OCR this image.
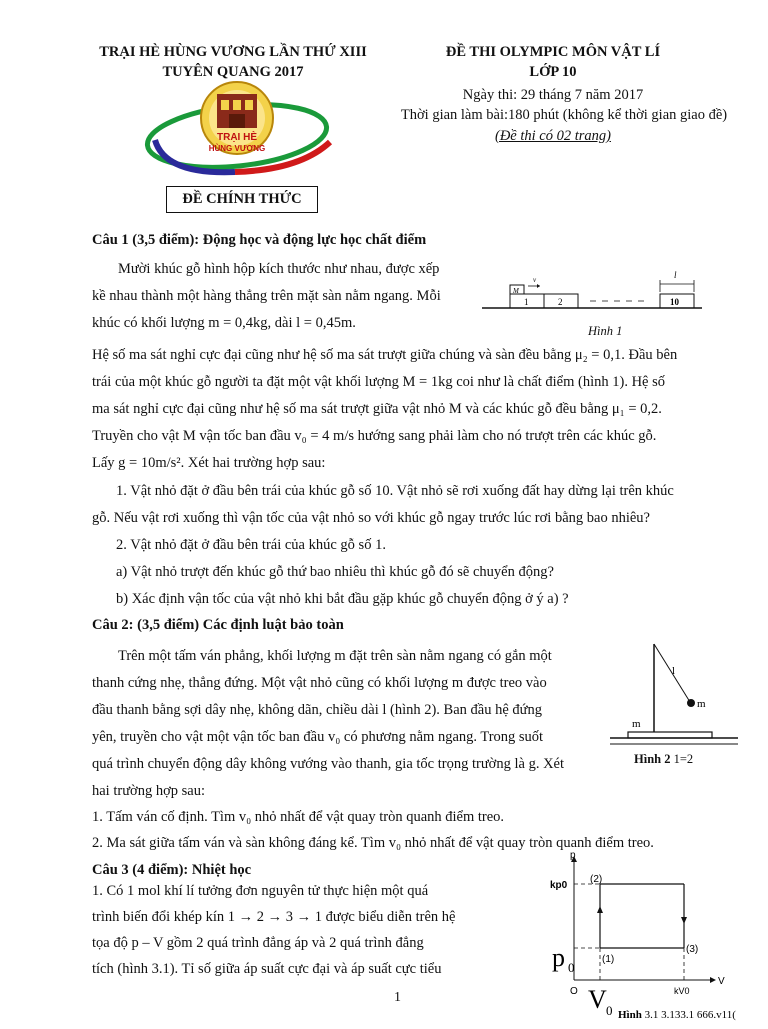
TRẠI HÈ HÙNG VƯƠNG LẦN THỨ XIII
TUYÊN QUANG 2017
TRẠI HÈ
HÙNG VƯƠNG
ĐỀ CHÍNH THỨC
ĐỀ THI OLYMPIC MÔN VẬT LÍ
LỚP 10
Ngày thi: 29 tháng 7 năm 2017
Thời gian làm bài:180 phút (không kể thời gian giao đề)
(Đề thi có 02 trang)
Câu 1 (3,5 điểm): Động học và động lực học chất điểm
Mười khúc gỗ hình hộp kích thước như nhau, được xếp
kề nhau thành một hàng thẳng trên mặt sàn nằm ngang. Mỗi
khúc có khối lượng m = 0,4kg, dài l = 0,45m.
M
v	l
1	2	10
Hình 1
Hệ số ma sát nghỉ cực đại cũng như hệ số ma sát trượt giữa chúng và sàn đều bằng μ₂ = 0,1. Đầu bên
trái của một khúc gỗ người ta đặt một vật khối lượng M = 1kg coi như là chất điểm (hình 1). Hệ số
ma sát nghỉ cực đại cũng như hệ số ma sát trượt giữa vật nhỏ M và các khúc gỗ đều bằng μ₁ = 0,2.
Truyền cho vật M vận tốc ban đầu v₀ = 4 m/s hướng sang phải làm cho nó trượt trên các khúc gỗ.
Lấy g = 10m/s². Xét hai trường hợp sau:
1. Vật nhỏ đặt ở đầu bên trái của khúc gỗ số 10. Vật nhỏ sẽ rơi xuống đất hay dừng lại trên khúc
gỗ. Nếu vật rơi xuống thì vận tốc của vật nhỏ so với khúc gỗ ngay trước lúc rơi bằng bao nhiêu?
2. Vật nhỏ đặt ở đầu bên trái của khúc gỗ số 1.
a) Vật nhỏ trượt đến khúc gỗ thứ bao nhiêu thì khúc gỗ đó sẽ chuyển động?
b) Xác định vận tốc của vật nhỏ khi bắt đầu gặp khúc gỗ chuyển động ở ý a) ?
Câu 2: (3,5 điểm) Các định luật bảo toàn
Trên một tấm ván phẳng, khối lượng m đặt trên sàn nằm ngang có gắn một
thanh cứng nhẹ, thẳng đứng. Một vật nhỏ cũng có khối lượng m được treo vào
đầu thanh bằng sợi dây nhẹ, không dãn, chiều dài l (hình 2). Ban đầu hệ đứng
yên, truyền cho vật một vận tốc ban đầu v₀ có phương nằm ngang. Trong suốt
quá trình chuyển động dây không vướng vào thanh, gia tốc trọng trường là g. Xét
hai trường hợp sau:
1. Tấm ván cố định. Tìm v₀ nhỏ nhất để vật quay tròn quanh điểm treo.
2. Ma sát giữa tấm ván và sàn không đáng kể. Tìm v₀ nhỏ nhất để vật quay tròn quanh điểm treo.
l
m
m
Hình 2 1=2
Câu 3 (4 điểm): Nhiệt học
1. Có 1 mol khí lí tưởng đơn nguyên tử thực hiện một quá
trình biến đổi khép kín 1 → 2 → 3 → 1 được biểu diễn trên hệ
tọa độ p – V gồm 2 quá trình đẳng áp và 2 quá trình đẳng
tích (hình 3.1). Tỉ số giữa áp suất cực đại và áp suất cực tiểu
p
V
O
kp0
p 0
(2)
(1)
(3)
V 0
kV0
Hình 3.1 3.133.1 666.v11(
1
